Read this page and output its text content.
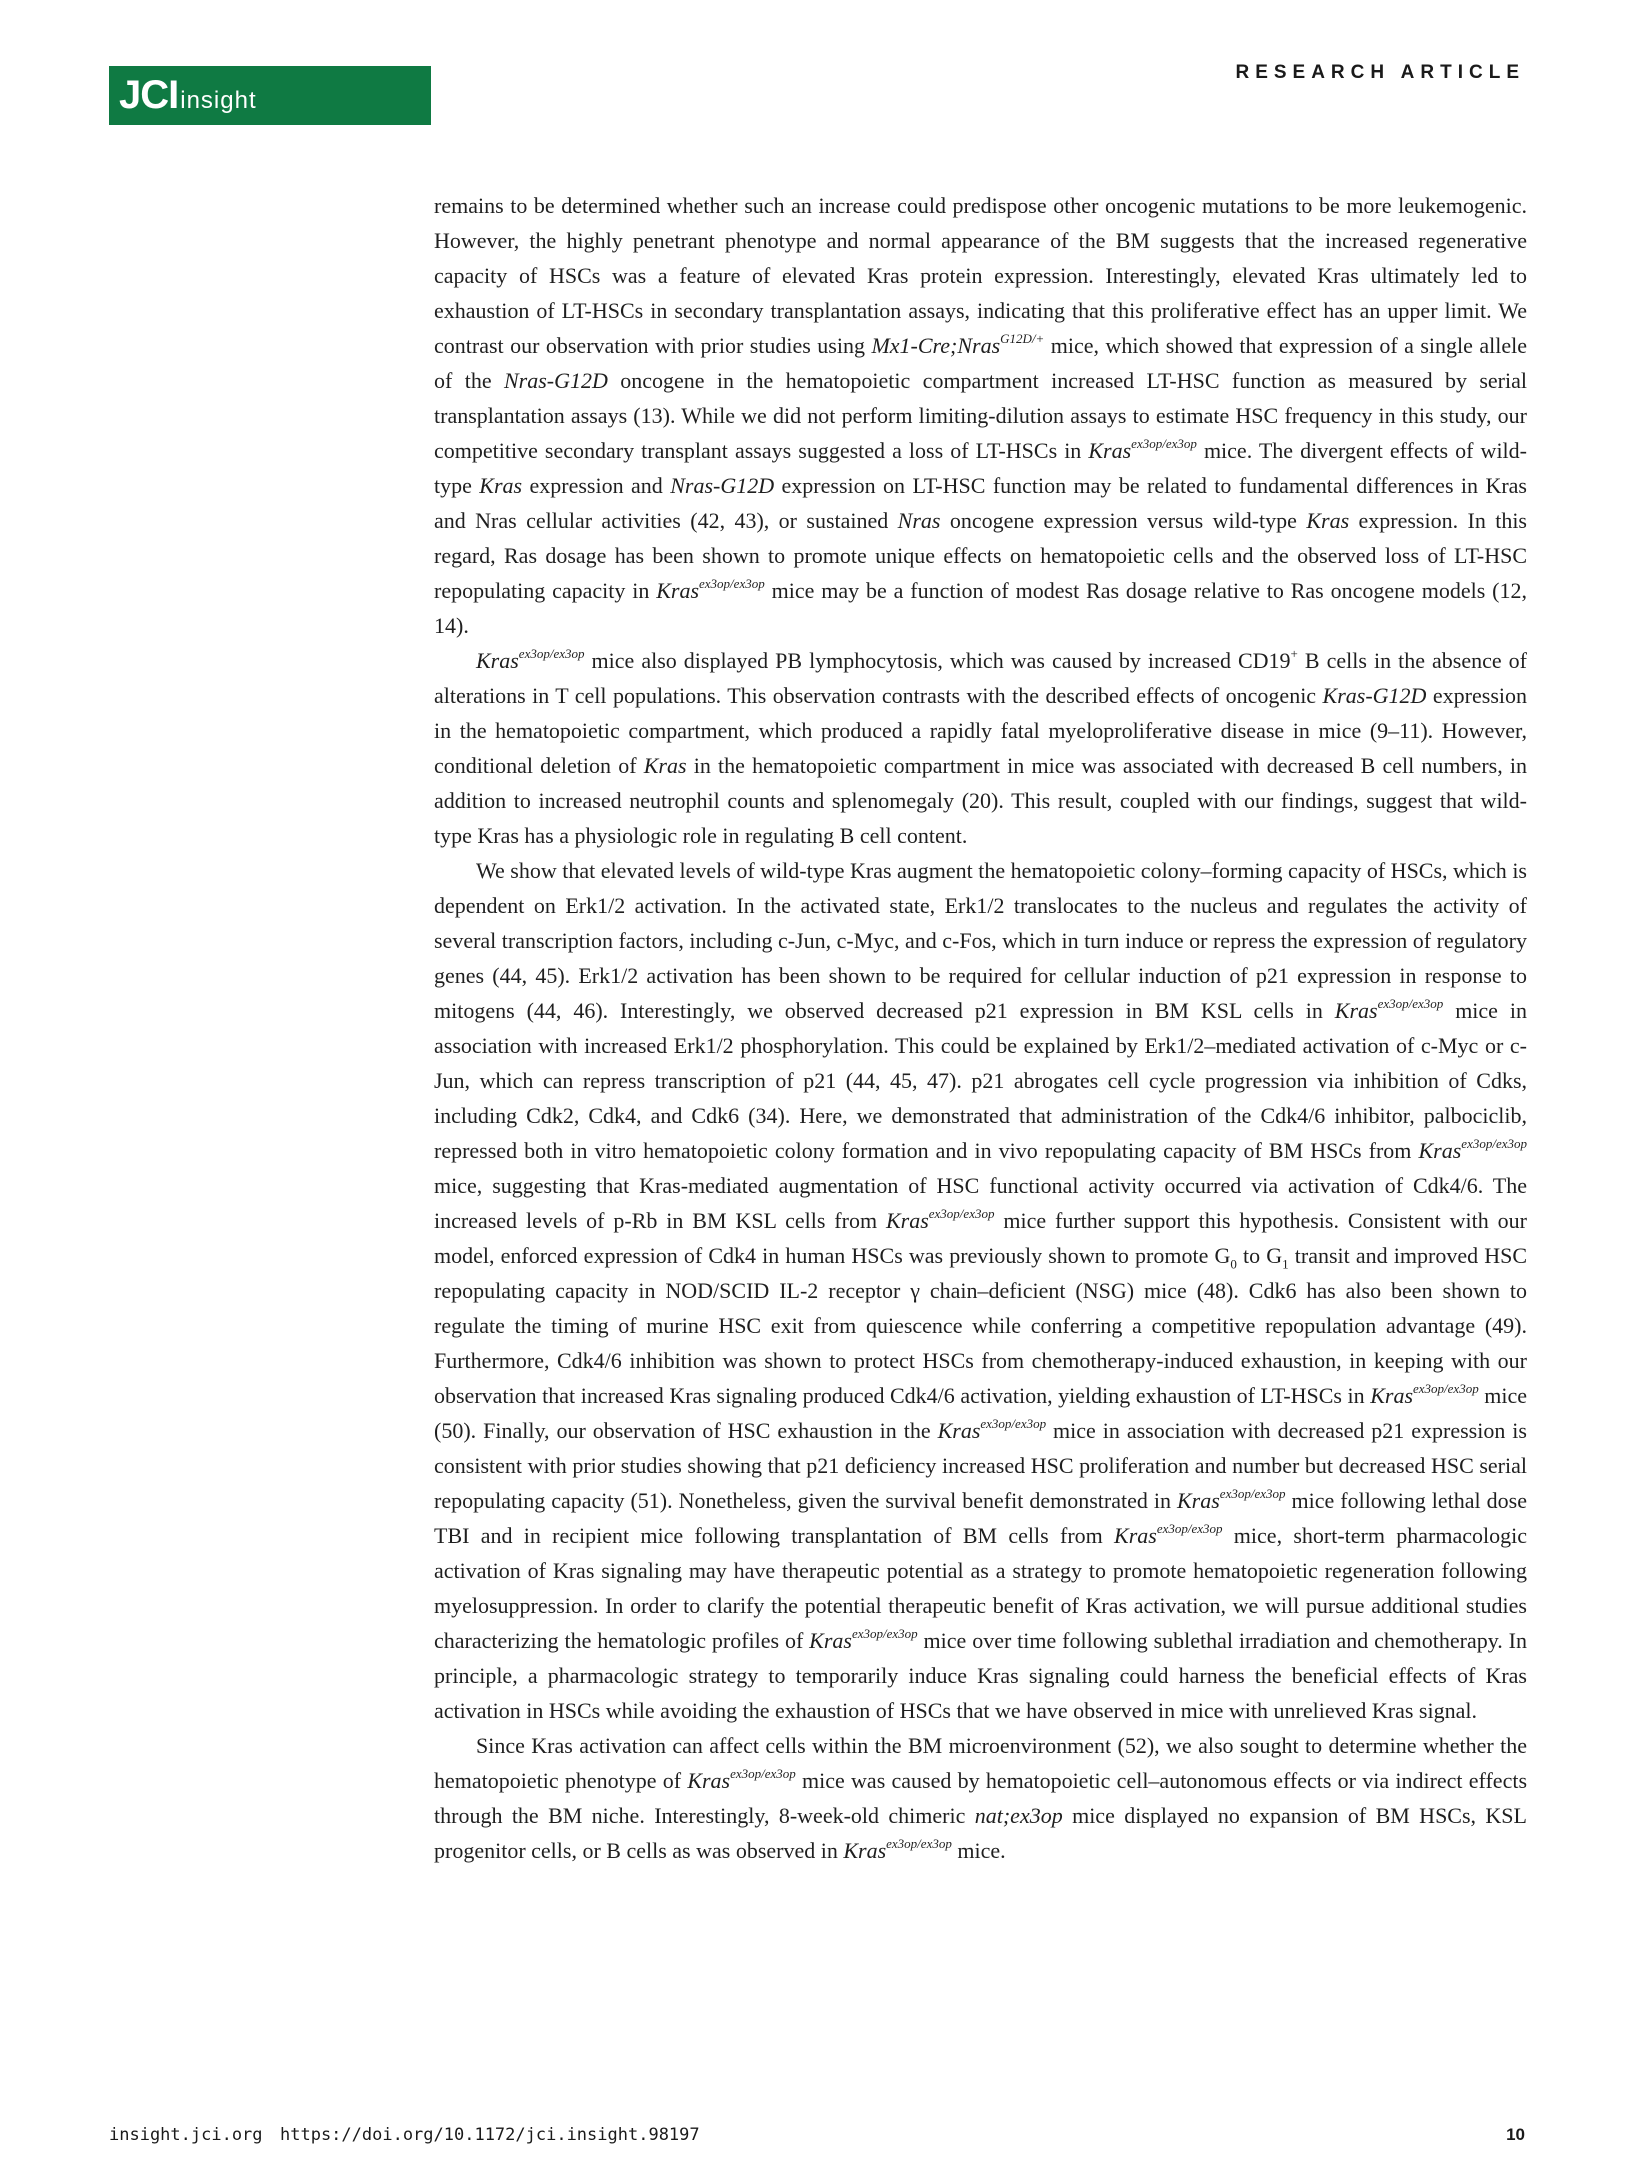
JCIinsight
RESEARCH ARTICLE

remains to be determined whether such an increase could predispose other oncogenic mutations to be more leukemogenic. However, the highly penetrant phenotype and normal appearance of the BM suggests that the increased regenerative capacity of HSCs was a feature of elevated Kras protein expression. Interestingly, elevated Kras ultimately led to exhaustion of LT-HSCs in secondary transplantation assays, indicating that this proliferative effect has an upper limit. We contrast our observation with prior studies using Mx1-Cre;Nras$^{G12D/+}$ mice, which showed that expression of a single allele of the Nras-G12D oncogene in the hematopoietic compartment increased LT-HSC function as measured by serial transplantation assays (13). While we did not perform limiting-dilution assays to estimate HSC frequency in this study, our competitive secondary transplant assays suggested a loss of LT-HSCs in Kras$^{ex3op/ex3op}$ mice. The divergent effects of wild-type Kras expression and Nras-G12D expression on LT-HSC function may be related to fundamental differences in Kras and Nras cellular activities (42, 43), or sustained Nras oncogene expression versus wild-type Kras expression. In this regard, Ras dosage has been shown to promote unique effects on hematopoietic cells and the observed loss of LT-HSC repopulating capacity in Kras$^{ex3op/ex3op}$ mice may be a function of modest Ras dosage relative to Ras oncogene models (12, 14).

Kras$^{ex3op/ex3op}$ mice also displayed PB lymphocytosis, which was caused by increased CD19+ B cells in the absence of alterations in T cell populations. This observation contrasts with the described effects of oncogenic Kras-G12D expression in the hematopoietic compartment, which produced a rapidly fatal myeloproliferative disease in mice (9–11). However, conditional deletion of Kras in the hematopoietic compartment in mice was associated with decreased B cell numbers, in addition to increased neutrophil counts and splenomegaly (20). This result, coupled with our findings, suggest that wild-type Kras has a physiologic role in regulating B cell content.

We show that elevated levels of wild-type Kras augment the hematopoietic colony–forming capacity of HSCs, which is dependent on Erk1/2 activation. In the activated state, Erk1/2 translocates to the nucleus and regulates the activity of several transcription factors, including c-Jun, c-Myc, and c-Fos, which in turn induce or repress the expression of regulatory genes (44, 45). Erk1/2 activation has been shown to be required for cellular induction of p21 expression in response to mitogens (44, 46). Interestingly, we observed decreased p21 expression in BM KSL cells in Kras$^{ex3op/ex3op}$ mice in association with increased Erk1/2 phosphorylation. This could be explained by Erk1/2–mediated activation of c-Myc or c-Jun, which can repress transcription of p21 (44, 45, 47). p21 abrogates cell cycle progression via inhibition of Cdks, including Cdk2, Cdk4, and Cdk6 (34). Here, we demonstrated that administration of the Cdk4/6 inhibitor, palbociclib, repressed both in vitro hematopoietic colony formation and in vivo repopulating capacity of BM HSCs from Kras$^{ex3op/ex3op}$ mice, suggesting that Kras-mediated augmentation of HSC functional activity occurred via activation of Cdk4/6. The increased levels of p-Rb in BM KSL cells from Kras$^{ex3op/ex3op}$ mice further support this hypothesis. Consistent with our model, enforced expression of Cdk4 in human HSCs was previously shown to promote $G_0$ to $G_1$ transit and improved HSC repopulating capacity in NOD/SCID IL-2 receptor γ chain–deficient (NSG) mice (48). Cdk6 has also been shown to regulate the timing of murine HSC exit from quiescence while conferring a competitive repopulation advantage (49). Furthermore, Cdk4/6 inhibition was shown to protect HSCs from chemotherapy-induced exhaustion, in keeping with our observation that increased Kras signaling produced Cdk4/6 activation, yielding exhaustion of LT-HSCs in Kras$^{ex3op/ex3op}$ mice (50). Finally, our observation of HSC exhaustion in the Kras$^{ex3op/ex3op}$ mice in association with decreased p21 expression is consistent with prior studies showing that p21 deficiency increased HSC proliferation and number but decreased HSC serial repopulating capacity (51). Nonetheless, given the survival benefit demonstrated in Kras$^{ex3op/ex3op}$ mice following lethal dose TBI and in recipient mice following transplantation of BM cells from Kras$^{ex3op/ex3op}$ mice, short-term pharmacologic activation of Kras signaling may have therapeutic potential as a strategy to promote hematopoietic regeneration following myelosuppression. In order to clarify the potential therapeutic benefit of Kras activation, we will pursue additional studies characterizing the hematologic profiles of Kras$^{ex3op/ex3op}$ mice over time following sublethal irradiation and chemotherapy. In principle, a pharmacologic strategy to temporarily induce Kras signaling could harness the beneficial effects of Kras activation in HSCs while avoiding the exhaustion of HSCs that we have observed in mice with unrelieved Kras signal.

Since Kras activation can affect cells within the BM microenvironment (52), we also sought to determine whether the hematopoietic phenotype of Kras$^{ex3op/ex3op}$ mice was caused by hematopoietic cell–autonomous effects or via indirect effects through the BM niche. Interestingly, 8-week-old chimeric nat;ex3op mice displayed no expansion of BM HSCs, KSL progenitor cells, or B cells as was observed in Kras$^{ex3op/ex3op}$ mice.

insight.jci.org https://doi.org/10.1172/jci.insight.98197	10
